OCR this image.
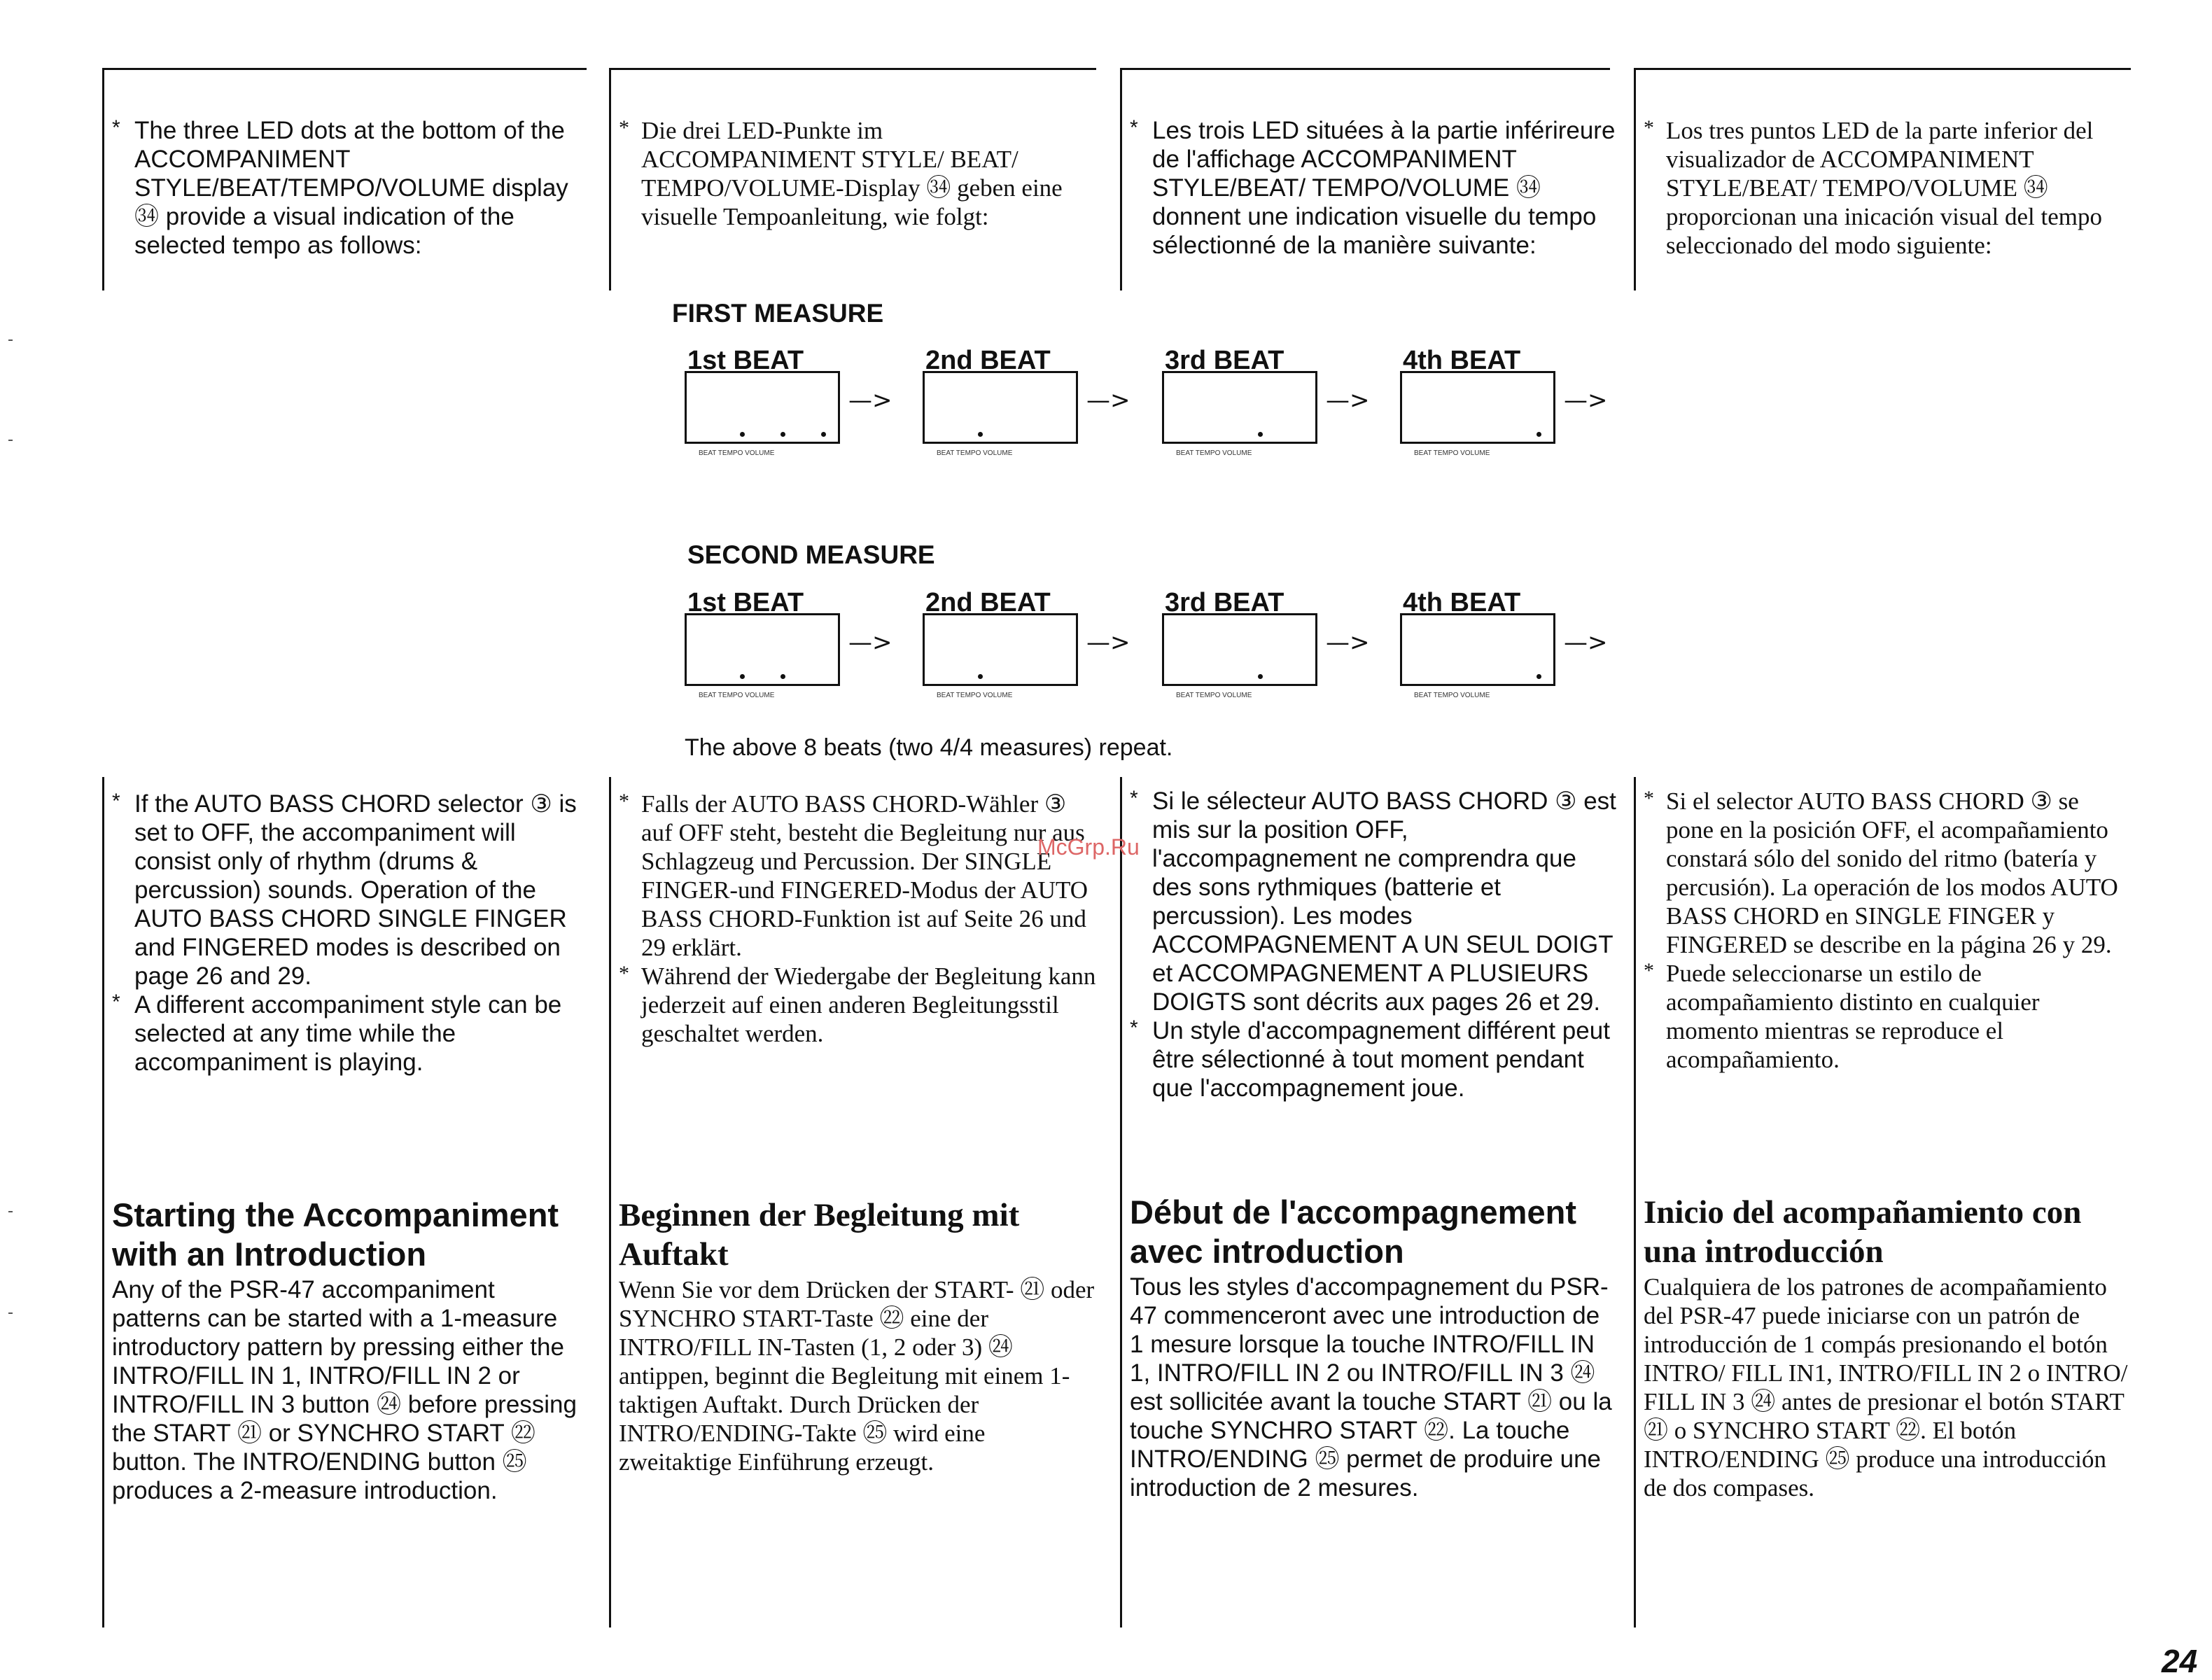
* The three LED dots at the bottom of the ACCOMPANIMENT STYLE/BEAT/TEMPO/VOLUME display ㉞ provide a visual indication of the selected tempo as follows:

* Die drei LED-Punkte im ACCOMPANIMENT STYLE/ BEAT/ TEMPO/VOLUME-Display ㉞ geben eine visuelle Tempoanleitung, wie folgt:

* Les trois LED situées à la partie inférireure de l'affichage ACCOMPANIMENT STYLE/BEAT/ TEMPO/VOLUME ㉞ donnent une indication visuelle du tempo sélectionné de la manière suivante:

* Los tres puntos LED de la parte inferior del visualizador de ACCOMPANIMENT STYLE/BEAT/ TEMPO/VOLUME ㉞ proporcionan una inicación visual del tempo seleccionado del modo siguiente:

FIRST MEASURE
SECOND MEASURE
1st BEAT
BEAT TEMPO VOLUME
—>
2nd BEAT
BEAT TEMPO VOLUME
—>
3rd BEAT
BEAT TEMPO VOLUME
—>
4th BEAT
BEAT TEMPO VOLUME
—>
1st BEAT
BEAT TEMPO VOLUME
—>
2nd BEAT
BEAT TEMPO VOLUME
—>
3rd BEAT
BEAT TEMPO VOLUME
—>
4th BEAT
BEAT TEMPO VOLUME
—>
The above 8 beats (two 4/4 measures) repeat.

* If the AUTO BASS CHORD selector ③ is set to OFF, the accompaniment will consist only of rhythm (drums & percussion) sounds. Operation of the AUTO BASS CHORD SINGLE FINGER and FINGERED modes is described on page 26 and 29.

* A different accompaniment style can be selected at any time while the accompaniment is playing.

* Falls der AUTO BASS CHORD-Wähler ③ auf OFF steht, besteht die Begleitung nur aus Schlagzeug und Percussion. Der SINGLE FINGER-und FINGERED-Modus der AUTO BASS CHORD-Funktion ist auf Seite 26 und 29 erklärt.

* Während der Wiedergabe der Begleitung kann jederzeit auf einen anderen Begleitungsstil geschaltet werden.

* Si le sélecteur AUTO BASS CHORD ③ est mis sur la position OFF, l'accompagnement ne comprendra que des sons rythmiques (batterie et percussion). Les modes ACCOMPAGNEMENT A UN SEUL DOIGT et ACCOMPAGNEMENT A PLUSIEURS DOIGTS sont décrits aux pages 26 et 29.

* Un style d'accompagnement différent peut être sélectionné à tout moment pendant que l'accompagnement joue.

* Si el selector AUTO BASS CHORD ③ se pone en la posición OFF, el acompañamiento constará sólo del sonido del ritmo (batería y percusión). La operación de los modos AUTO BASS CHORD en SINGLE FINGER y FINGERED se describe en la página 26 y 29.

* Puede seleccionarse un estilo de acompañamiento distinto en cualquier momento mientras se reproduce el acompañamiento.

McGrp.Ru
Starting the Accompaniment with an Introduction

Any of the PSR-47 accompaniment patterns can be started with a 1-measure introductory pattern by pressing either the INTRO/FILL IN 1, INTRO/FILL IN 2 or INTRO/FILL IN 3 button ㉔ before pressing the START ㉑ or SYNCHRO START ㉒ button. The INTRO/ENDING button ㉕ produces a 2-measure introduction.

Beginnen der Begleitung mit Auftakt

Wenn Sie vor dem Drücken der START- ㉑ oder SYNCHRO START-Taste ㉒ eine der INTRO/FILL IN-Tasten (1, 2 oder 3) ㉔ antippen, beginnt die Begleitung mit einem 1-taktigen Auftakt. Durch Drücken der INTRO/ENDING-Takte ㉕ wird eine zweitaktige Einführung erzeugt.

Début de l'accompagnement avec introduction

Tous les styles d'accompagnement du PSR-47 commenceront avec une introduction de 1 mesure lorsque la touche INTRO/FILL IN 1, INTRO/FILL IN 2 ou INTRO/FILL IN 3 ㉔ est sollicitée avant la touche START ㉑ ou la touche SYNCHRO START ㉒. La touche INTRO/ENDING ㉕ permet de produire une introduction de 2 mesures.

Inicio del acompañamiento con una introducción

Cualquiera de los patrones de acompañamiento del PSR-47 puede iniciarse con un patrón de introducción de 1 compás presionando el botón INTRO/ FILL IN1, INTRO/FILL IN 2 o INTRO/ FILL IN 3 ㉔ antes de presionar el botón START ㉑ o SYNCHRO START ㉒. El botón INTRO/ENDING ㉕ produce una introducción de dos compases.

24
